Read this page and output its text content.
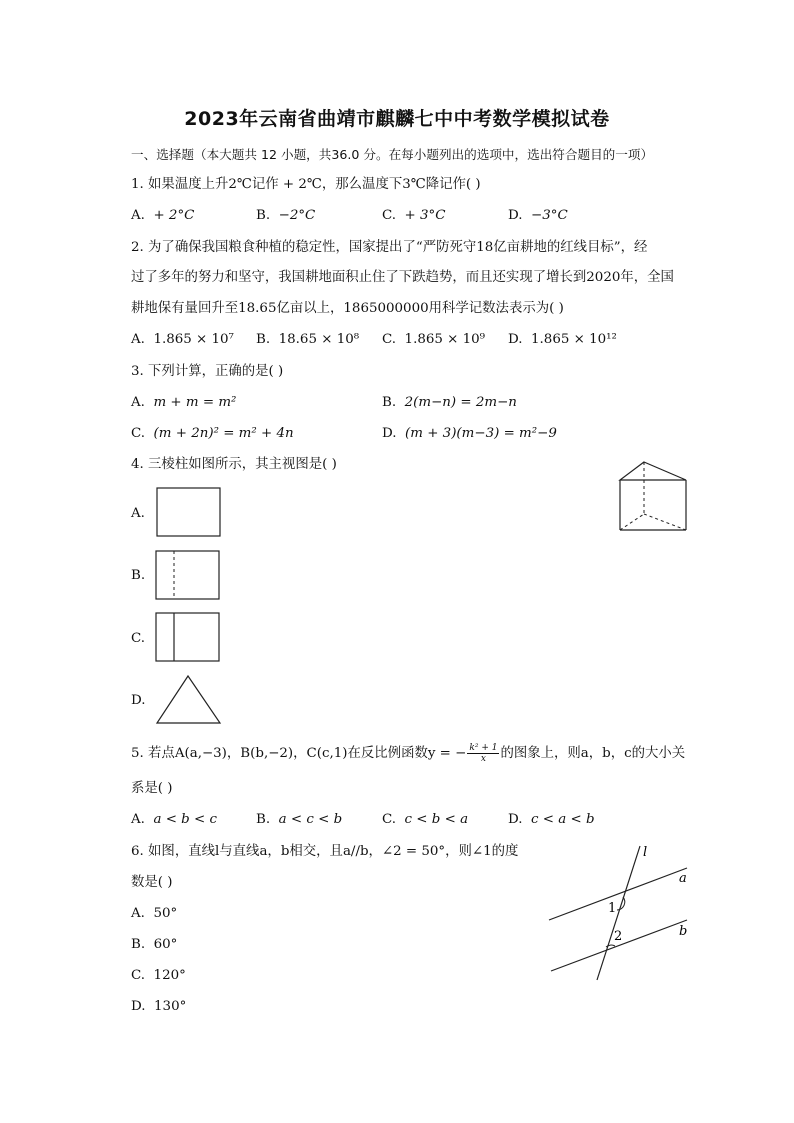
2023年云南省曲靖市麒麟七中中考数学模拟试卷
一、选择题（本大题共 12 小题，共36.0 分。在每小题列出的选项中，选出符合题目的一项）
1. 如果温度上升2℃记作 + 2℃，那么温度下3℃降记作( )
A. + 2°C	B. −2°C	C. + 3°C	D. −3°C
2. 为了确保我国粮食种植的稳定性，国家提出了“严防死守18亿亩耕地的红线目标”，经
过了多年的努力和坚守，我国耕地面积止住了下跌趋势，而且还实现了增长到2020年，全国
耕地保有量回升至18.65亿亩以上，1865000000用科学记数法表示为( )
A. 1.865 × 10⁷ B. 18.65 × 10⁸ C. 1.865 × 10⁹ D. 1.865 × 10¹²
3. 下列计算，正确的是( )
A. m + m = m²	B. 2(m−n) = 2m−n
C. (m + 2n)² = m² + 4n	D. (m + 3)(m−3) = m²−9
4. 三棱柱如图所示，其主视图是( )
A.
B.
C.
D.
5. 若点A(a,−3)，B(b,−2)，C(c,1)在反比例函数y = − $\frac{\text{k² + 1}}{x}$ 的图象上，则a，b，c的大小关
系是( )
A. a < b < c	B. a < c < b	C. c < b < a	D. c < a < b
6. 如图，直线l与直线a，b相交，且a//b，∠2 = 50°，则∠1的度
数是( )
A. 50°
B. 60°
C. 120°
D. 130°
l
a
b
1
2
